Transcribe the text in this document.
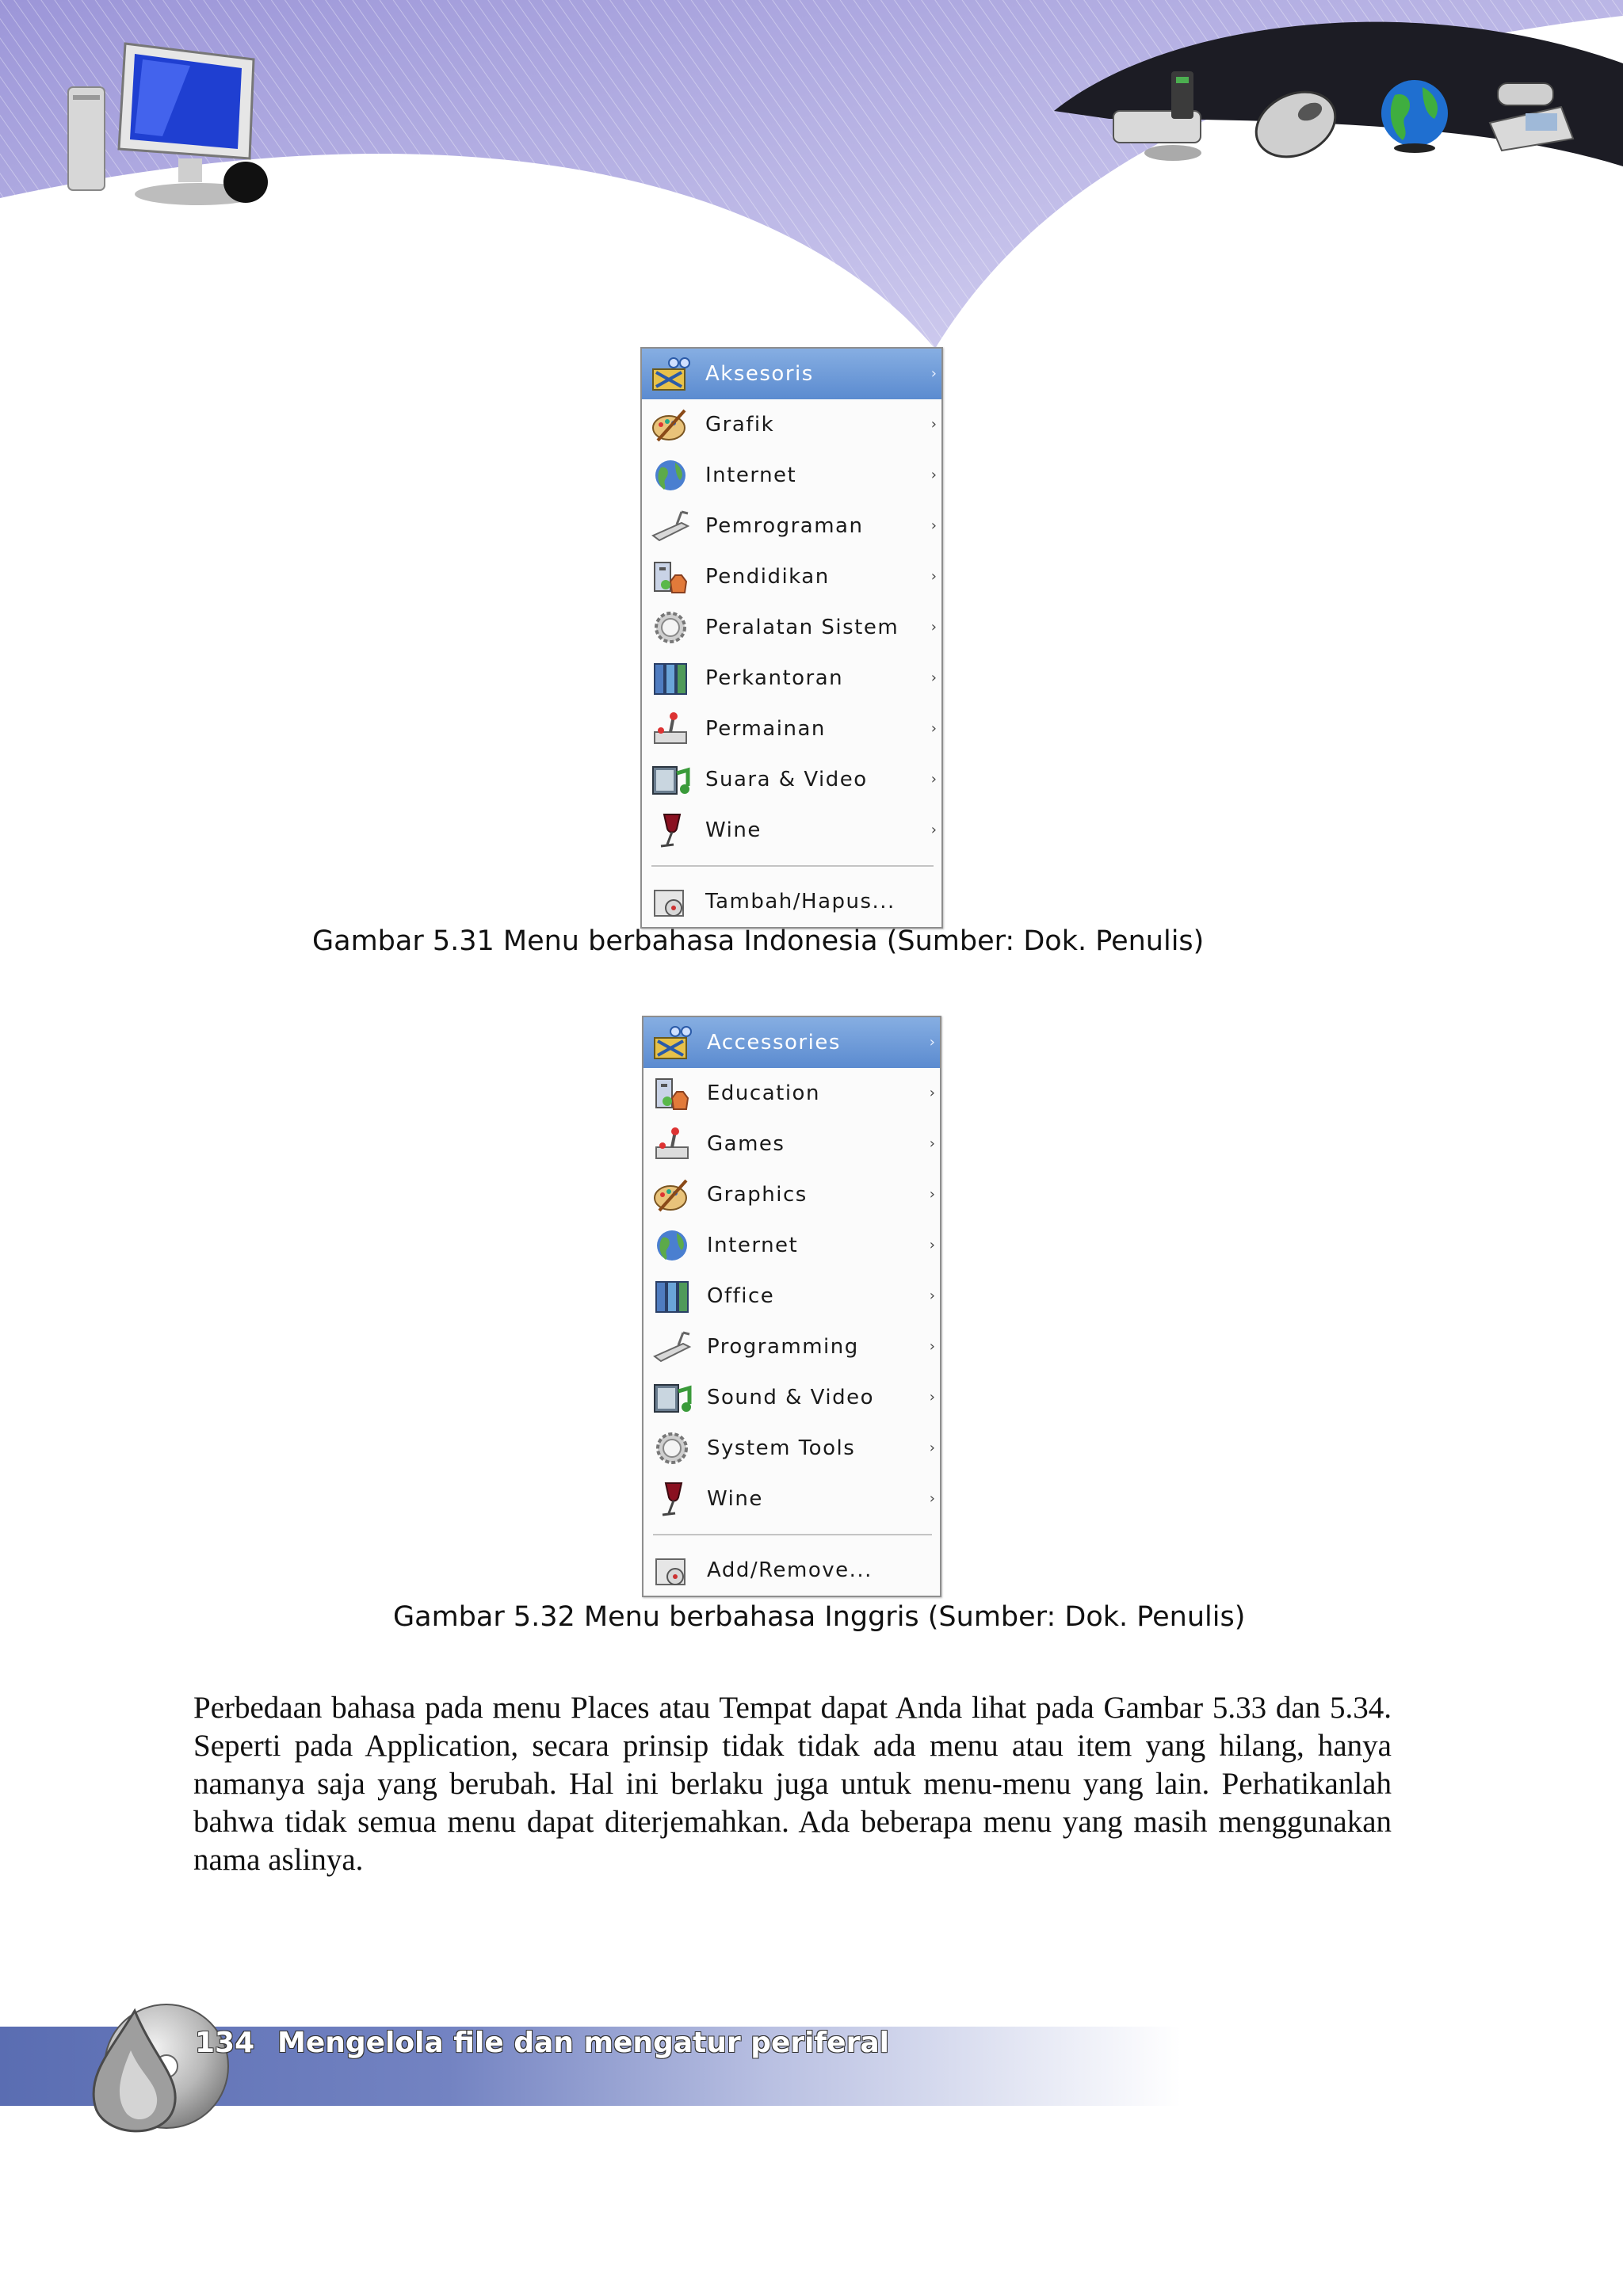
Aksesoris	›
Grafik	›
Internet	›
Pemrograman	›
Pendidikan	›
Peralatan Sistem ›
Perkantoran	›
Permainan	›
Suara & Video	›
Wine	›
Tambah/Hapus...
Gambar 5.31 Menu berbahasa Indonesia (Sumber: Dok. Penulis)
Accessories	›
Education	›
Games	›
Graphics	›
Internet	›
Office	›
Programming	›
Sound & Video	›
System Tools	›
Wine	›
Add/Remove...
Gambar 5.32 Menu berbahasa Inggris (Sumber: Dok. Penulis)

Perbedaan bahasa pada menu Places atau Tempat dapat Anda lihat pada Gambar 5.33 dan 5.34. Seperti pada Application, secara prinsip tidak tidak ada menu atau item yang hilang, hanya namanya saja yang berubah. Hal ini berlaku juga untuk menu-menu yang lain. Perhatikanlah bahwa tidak semua menu dapat diterjemahkan. Ada beberapa menu yang masih menggunakan nama aslinya.

134 Mengelola file dan mengatur periferal
